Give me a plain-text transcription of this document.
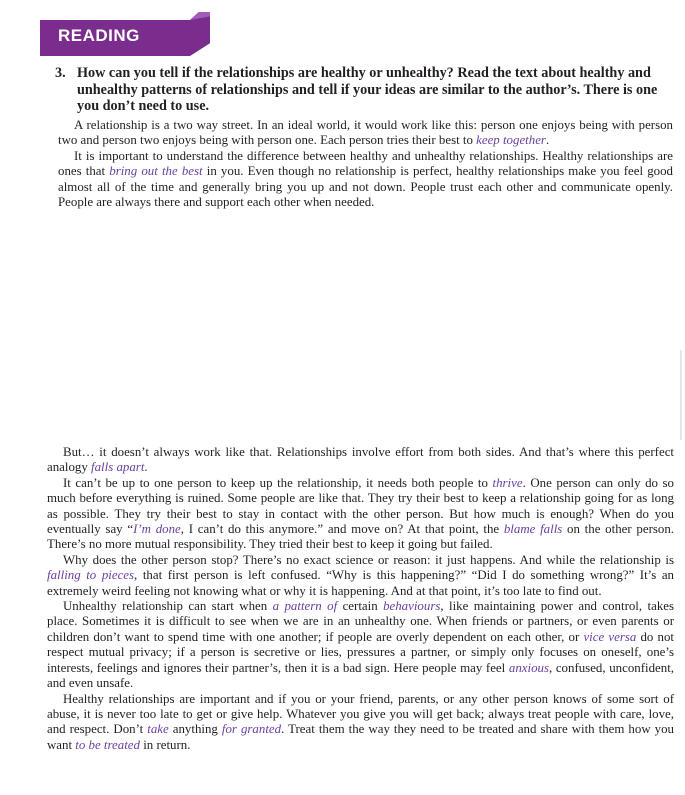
READING
3. How can you tell if the relationships are healthy or unhealthy? Read the text about healthy and unhealthy patterns of relationships and tell if your ideas are similar to the author’s. There is one you don’t need to use.

A relationship is a two way street. In an ideal world, it would work like this: person one enjoys being with person two and person two enjoys being with person one. Each person tries their best to keep together.

It is important to understand the difference between healthy and unhealthy relationships. Healthy relationships are ones that bring out the best in you. Even though no relationship is perfect, healthy relationships make you feel good almost all of the time and generally bring you up and not down. People trust each other and communicate openly. People are always there and support each other when needed.

But… it doesn’t always work like that. Relationships involve effort from both sides. And that’s where this perfect analogy falls apart.

It can’t be up to one person to keep up the relationship, it needs both people to thrive. One person can only do so much before everything is ruined. Some people are like that. They try their best to keep a relationship going for as long as possible. They try their best to stay in contact with the other person. But how much is enough? When do you eventually say “I’m done, I can’t do this anymore.” and move on? At that point, the blame falls on the other person. There’s no more mutual responsibility. They tried their best to keep it going but failed.

Why does the other person stop? There’s no exact science or reason: it just happens. And while the relationship is falling to pieces, that first person is left confused. “Why is this happening?” “Did I do something wrong?” It’s an extremely weird feeling not knowing what or why it is happening. And at that point, it’s too late to find out.

Unhealthy relationship can start when a pattern of certain behaviours, like maintaining power and control, takes place. Sometimes it is difficult to see when we are in an unhealthy one. When friends or partners, or even parents or children don’t want to spend time with one another; if people are overly dependent on each other, or vice versa do not respect mutual privacy; if a person is secretive or lies, pressures a partner, or simply only focuses on oneself, one’s interests, feelings and ignores their partner’s, then it is a bad sign. Here people may feel anxious, confused, unconfident, and even unsafe.

Healthy relationships are important and if you or your friend, parents, or any other person knows of some sort of abuse, it is never too late to get or give help. Whatever you give you will get back; always treat people with care, love, and respect. Don’t take anything for granted. Treat them the way they need to be treated and share with them how you want to be treated in return.
